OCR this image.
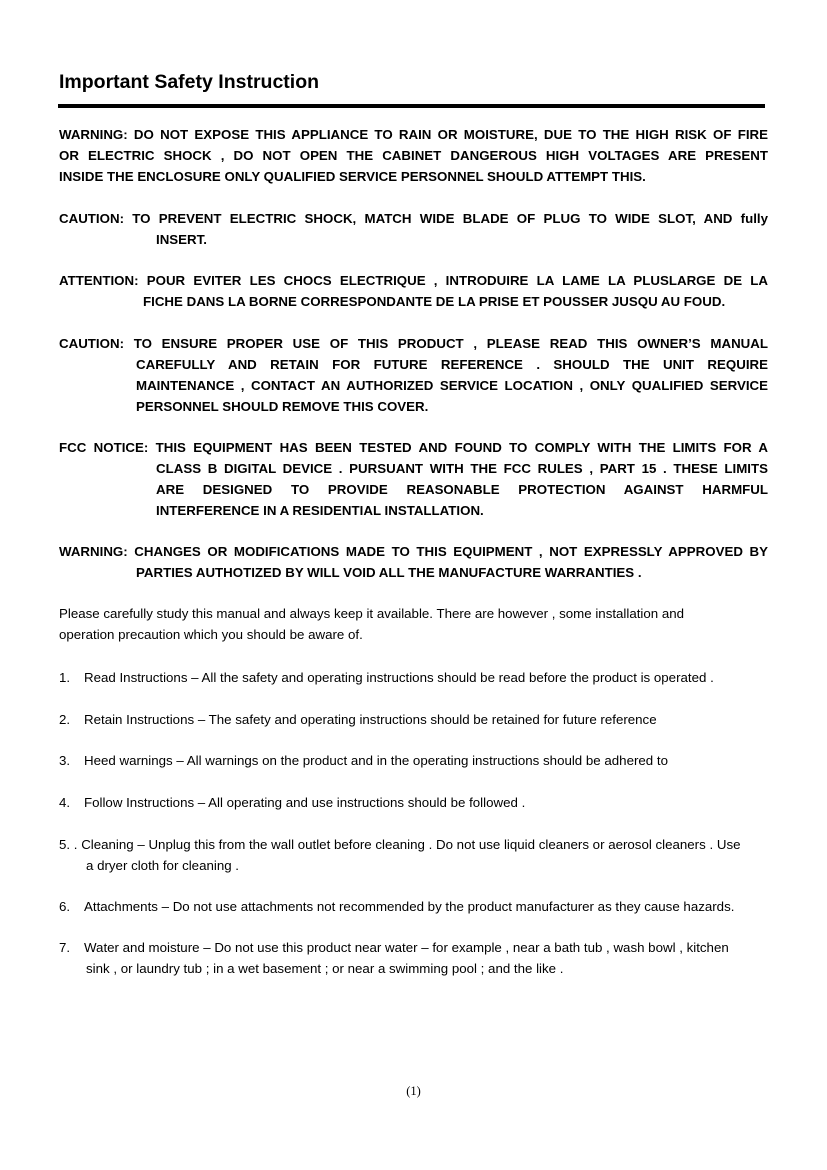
Important Safety Instruction
WARNING: DO NOT EXPOSE THIS APPLIANCE TO RAIN OR MOISTURE, DUE TO THE HIGH RISK OF FIRE
OR ELECTRIC SHOCK , DO NOT OPEN THE CABINET DANGEROUS HIGH VOLTAGES ARE PRESENT
INSIDE THE ENCLOSURE ONLY QUALIFIED SERVICE PERSONNEL SHOULD ATTEMPT THIS.
CAUTION: TO PREVENT ELECTRIC SHOCK, MATCH WIDE BLADE OF PLUG TO WIDE SLOT, AND fully
INSERT.
ATTENTION: POUR EVITER LES CHOCS ELECTRIQUE , INTRODUIRE LA LAME LA PLUSLARGE DE LA
FICHE DANS LA BORNE CORRESPONDANTE DE LA PRISE ET POUSSER JUSQU AU FOUD.
CAUTION: TO ENSURE PROPER USE OF THIS PRODUCT , PLEASE READ THIS OWNER’S MANUAL
CAREFULLY AND RETAIN FOR FUTURE REFERENCE . SHOULD THE UNIT REQUIRE
MAINTENANCE , CONTACT AN AUTHORIZED SERVICE LOCATION , ONLY QUALIFIED SERVICE
PERSONNEL SHOULD REMOVE THIS COVER.
FCC NOTICE: THIS EQUIPMENT HAS BEEN TESTED AND FOUND TO COMPLY WITH THE LIMITS FOR A
CLASS B DIGITAL DEVICE . PURSUANT WITH THE FCC RULES , PART 15 . THESE LIMITS
ARE DESIGNED TO PROVIDE REASONABLE PROTECTION AGAINST HARMFUL
INTERFERENCE IN A RESIDENTIAL INSTALLATION.
WARNING: CHANGES OR MODIFICATIONS MADE TO THIS EQUIPMENT , NOT EXPRESSLY APPROVED BY
PARTIES AUTHOTIZED BY WILL VOID ALL THE MANUFACTURE WARRANTIES .
Please carefully study this manual and always keep it available. There are however , some installation and
operation precaution which you should be aware of.
1. Read Instructions – All the safety and operating instructions should be read before the product is operated .
2. Retain Instructions – The safety and operating instructions should be retained for future reference
3. Heed warnings – All warnings on the product and in the operating instructions should be adhered to
4. Follow Instructions – All operating and use instructions should be followed .
5. . Cleaning – Unplug this from the wall outlet before cleaning . Do not use liquid cleaners or aerosol cleaners . Use
a dryer cloth for cleaning .
6. Attachments – Do not use attachments not recommended by the product manufacturer as they cause hazards.
7. Water and moisture – Do not use this product near water – for example , near a bath tub , wash bowl , kitchen
sink , or laundry tub ; in a wet basement ; or near a swimming pool ; and the like .
(1)
